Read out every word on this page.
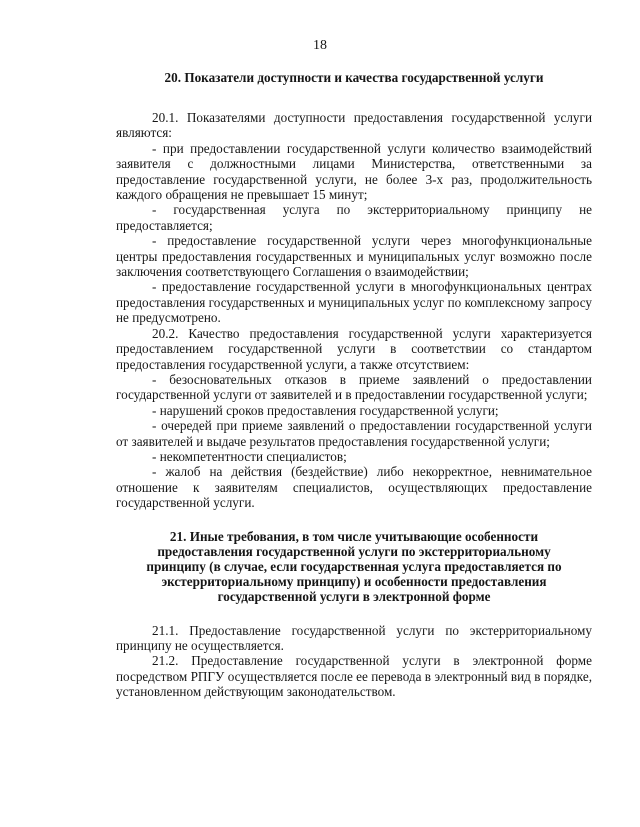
18
20. Показатели доступности и качества государственной услуги

20.1. Показателями доступности предоставления государственной услуги являются:

- при предоставлении государственной услуги количество взаимодействий заявителя с должностными лицами Министерства, ответственными за предоставление государственной услуги, не более 3-х раз, продолжительность каждого обращения не превышает 15 минут;

- государственная услуга по экстерриториальному принципу не предоставляется;

- предоставление государственной услуги через многофункциональные центры предоставления государственных и муниципальных услуг возможно после заключения соответствующего Соглашения о взаимодействии;

- предоставление государственной услуги в многофункциональных центрах предоставления государственных и муниципальных услуг по комплексному запросу не предусмотрено.

20.2. Качество предоставления государственной услуги характеризуется предоставлением государственной услуги в соответствии со стандартом предоставления государственной услуги, а также отсутствием:

- безосновательных отказов в приеме заявлений о предоставлении государственной услуги от заявителей и в предоставлении государственной услуги;

- нарушений сроков предоставления государственной услуги;

- очередей при приеме заявлений о предоставлении государственной услуги от заявителей и выдаче результатов предоставления государственной услуги;

- некомпетентности специалистов;

- жалоб на действия (бездействие) либо некорректное, невнимательное отношение к заявителям специалистов, осуществляющих предоставление государственной услуги.

21. Иные требования, в том числе учитывающие особенности предоставления государственной услуги по экстерриториальному принципу (в случае, если государственная услуга предоставляется по экстерриториальному принципу) и особенности предоставления государственной услуги в электронной форме

21.1. Предоставление государственной услуги по экстерриториальному принципу не осуществляется.

21.2. Предоставление государственной услуги в электронной форме посредством РПГУ осуществляется после ее перевода в электронный вид в порядке, установленном действующим законодательством.
